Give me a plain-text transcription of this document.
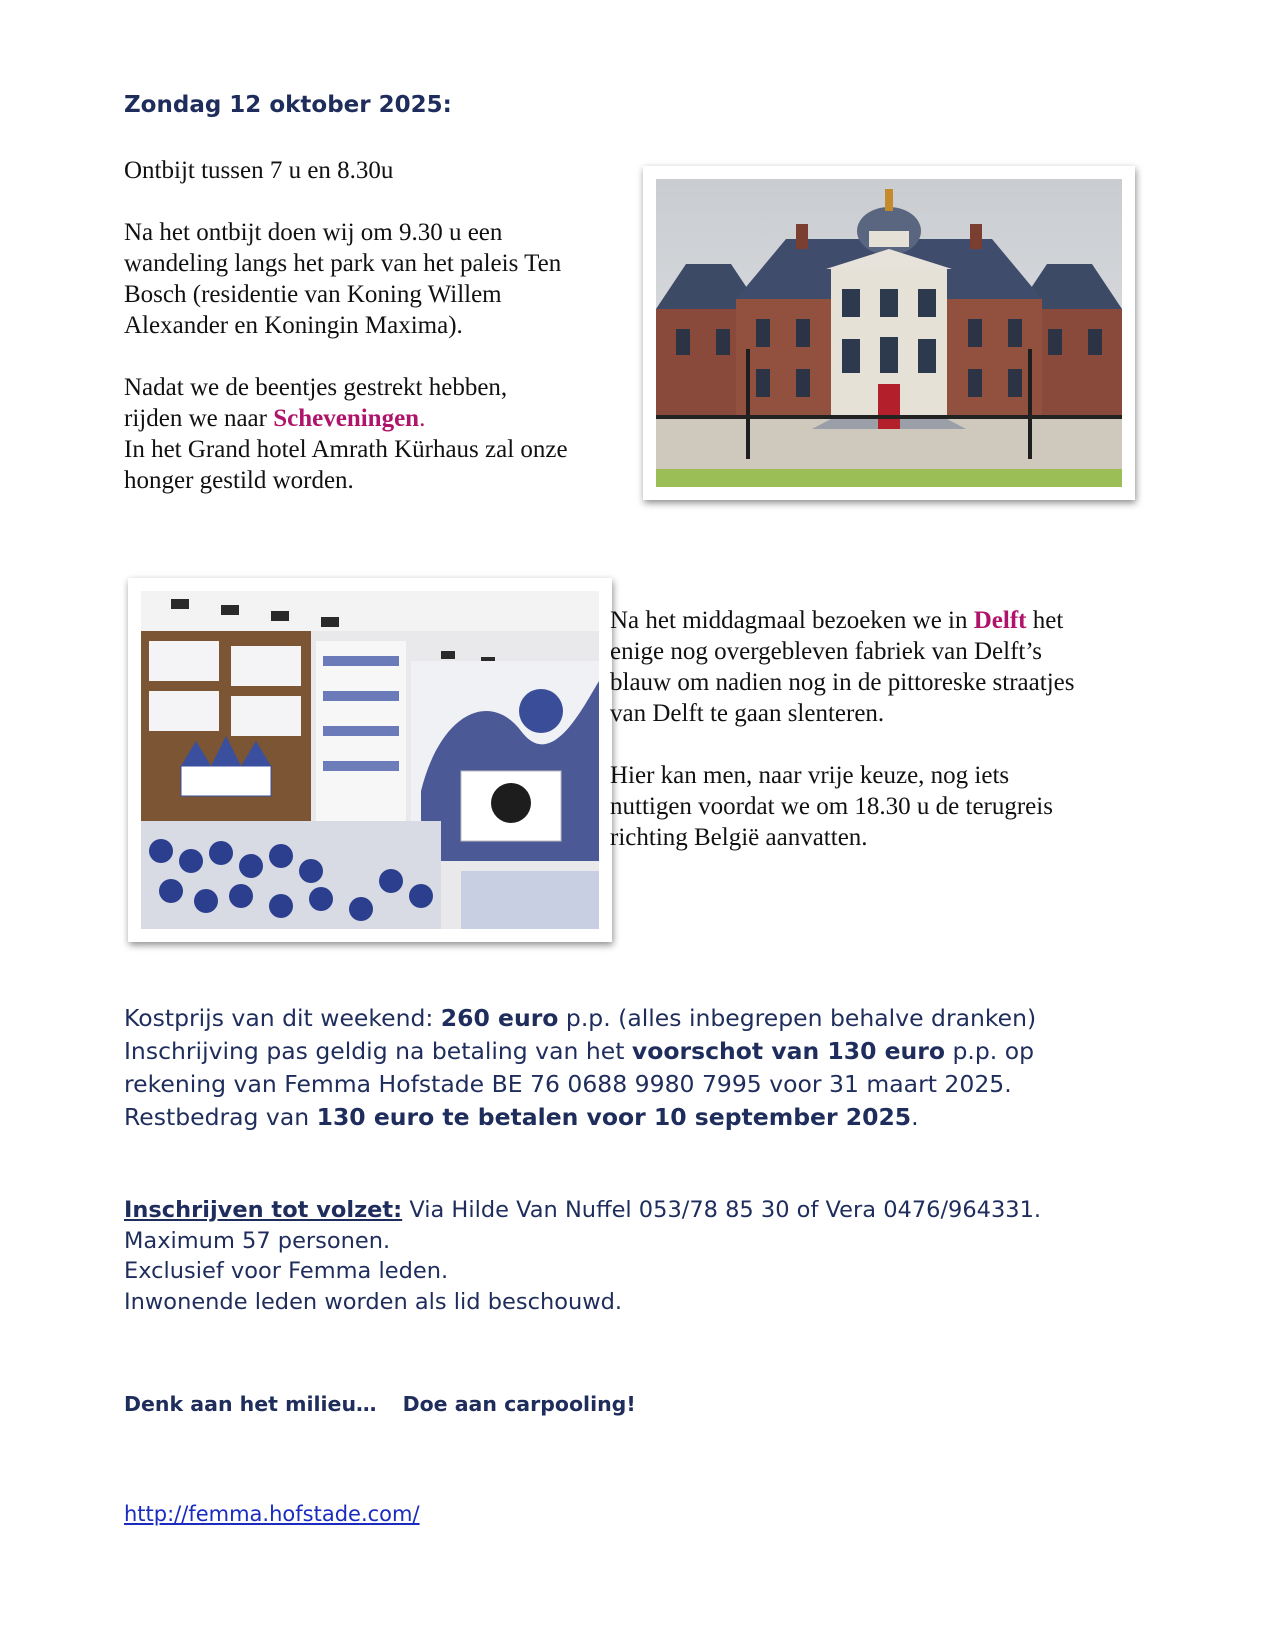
Zondag 12 oktober 2025:

Ontbijt tussen 7 u en 8.30u

Na het ontbijt doen wij om 9.30 u een
wandeling langs het park van het paleis Ten
Bosch (residentie van Koning Willem
Alexander en Koningin Maxima).

Nadat we de beentjes gestrekt hebben,
rijden we naar Scheveningen.
In het Grand hotel Amrath Kürhaus zal onze
honger gestild worden.

Na het middagmaal bezoeken we in Delft het
enige nog overgebleven fabriek van Delft’s
blauw om nadien nog in de pittoreske straatjes
van Delft te gaan slenteren.

Hier kan men, naar vrije keuze, nog iets
nuttigen voordat we om 18.30 u de terugreis
richting België aanvatten.

Kostprijs van dit weekend: 260 euro p.p. (alles inbegrepen behalve dranken)
Inschrijving pas geldig na betaling van het voorschot van 130 euro p.p. op
rekening van Femma Hofstade BE 76 0688 9980 7995 voor 31 maart 2025.
Restbedrag van 130 euro te betalen voor 10 september 2025.

Inschrijven tot volzet: Via Hilde Van Nuffel 053/78 85 30 of Vera 0476/964331.
Maximum 57 personen.
Exclusief voor Femma leden.
Inwonende leden worden als lid beschouwd.

Denk aan het milieu… Doe aan carpooling!
http://femma.hofstade.com/
